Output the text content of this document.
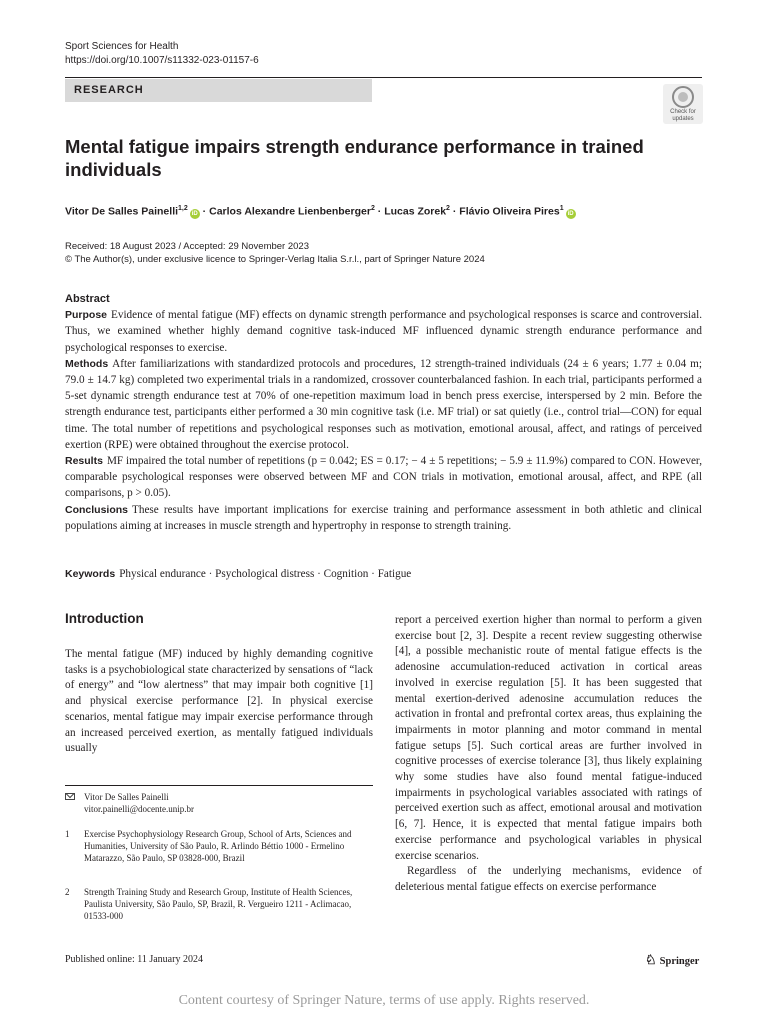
Sport Sciences for Health
https://doi.org/10.1007/s11332-023-01157-6
RESEARCH
Check for updates
Mental fatigue impairs strength endurance performance in trained individuals
Vitor De Salles Painelli$^{1,2}$iD · Carlos Alexandre Lienbenberger$^2$ · Lucas Zorek$^2$ · Flávio Oliveira Pires$^1$iD
Received: 18 August 2023 / Accepted: 29 November 2023
© The Author(s), under exclusive licence to Springer-Verlag Italia S.r.l., part of Springer Nature 2024
Abstract

Purpose Evidence of mental fatigue (MF) effects on dynamic strength performance and psychological responses is scarce and controversial. Thus, we examined whether highly demand cognitive task-induced MF influenced dynamic strength endurance performance and psychological responses to exercise.

Methods After familiarizations with standardized protocols and procedures, 12 strength-trained individuals (24 ± 6 years; 1.77 ± 0.04 m; 79.0 ± 14.7 kg) completed two experimental trials in a randomized, crossover counterbalanced fashion. In each trial, participants performed a 5-set dynamic strength endurance test at 70% of one-repetition maximum load in bench press exercise, interspersed by 2 min. Before the strength endurance test, participants either performed a 30 min cognitive task (i.e. MF trial) or sat quietly (i.e., control trial—CON) for equal time. The total number of repetitions and psychological responses such as motivation, emotional arousal, affect, and ratings of perceived exertion (RPE) were obtained throughout the exercise protocol.

Results MF impaired the total number of repetitions (p = 0.042; ES = 0.17; − 4 ± 5 repetitions; − 5.9 ± 11.9%) compared to CON. However, comparable psychological responses were observed between MF and CON trials in motivation, emotional arousal, affect, and RPE (all comparisons, p > 0.05).

Conclusions These results have important implications for exercise training and performance assessment in both athletic and clinical populations aiming at increases in muscle strength and hypertrophy in response to strength training.

Keywords Physical endurance · Psychological distress · Cognition · Fatigue
Introduction

The mental fatigue (MF) induced by highly demanding cognitive tasks is a psychobiological state characterized by sensations of “lack of energy” and “low alertness” that may impair both cognitive [1] and physical exercise performance [2]. In physical exercise scenarios, mental fatigue may impair exercise performance through an increased perceived exertion, as mentally fatigued individuals usually

report a perceived exertion higher than normal to perform a given exercise bout [2, 3]. Despite a recent review suggesting otherwise [4], a possible mechanistic route of mental fatigue effects is the adenosine accumulation-reduced activation in cortical areas involved in exercise regulation [5]. It has been suggested that mental exertion-derived adenosine accumulation reduces the activation in frontal and prefrontal cortex areas, thus explaining the impairments in motor planning and motor command in mental fatigue setups [5]. Such cortical areas are further involved in cognitive processes of exercise tolerance [3], thus likely explaining why some studies have also found mental fatigue-induced impairments in psychological variables associated with ratings of perceived exertion such as affect, emotional arousal and motivation [6, 7]. Hence, it is expected that mental fatigue impairs both exercise performance and psychological variables in physical exercise scenarios.

Regardless of the underlying mechanisms, evidence of deleterious mental fatigue effects on exercise performance

Vitor De Salles Painelli
vitor.painelli@docente.unip.br
1 Exercise Psychophysiology Research Group, School of Arts, Sciences and Humanities, University of São Paulo, R. Arlindo Béttio 1000 - Ermelino Matarazzo, São Paulo, SP 03828-000, Brazil
2 Strength Training Study and Research Group, Institute of Health Sciences, Paulista University, São Paulo, SP, Brazil, R. Vergueiro 1211 - Aclimacao, 01533-000
Published online: 11 January 2024	♘ Springer
Content courtesy of Springer Nature, terms of use apply. Rights reserved.
